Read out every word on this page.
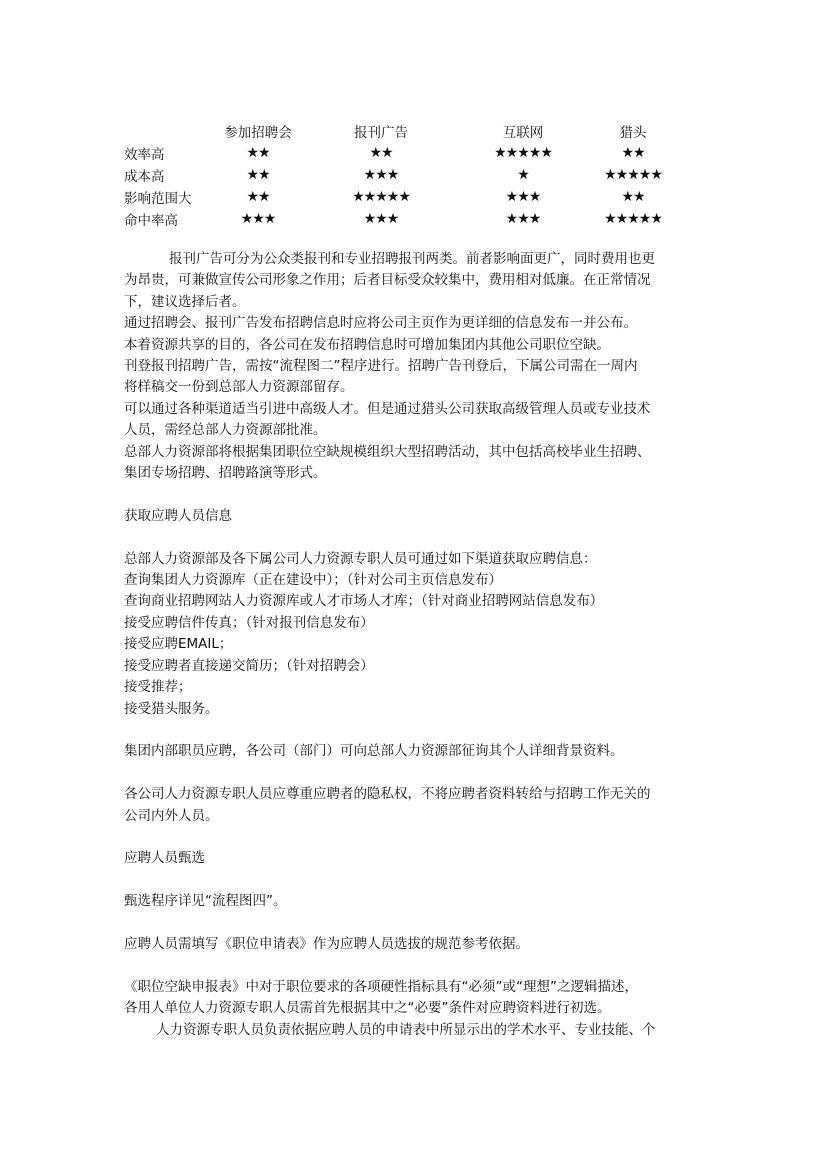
	参加招聘会	报刊广告	互联网	猎头
效率高	★★	★★	★★★★★	★★
成本高	★★	★★★	★	★★★★★
影响范围大	★★	★★★★★	★★★	★★
命中率高	★★★	★★★	★★★	★★★★★

报刊广告可分为公众类报刊和专业招聘报刊两类。前者影响面更广，同时费用也更

为昂贵，可兼做宣传公司形象之作用；后者目标受众较集中，费用相对低廉。在正常情况

下，建议选择后者。

通过招聘会、报刊广告发布招聘信息时应将公司主页作为更详细的信息发布一并公布。

本着资源共享的目的，各公司在发布招聘信息时可增加集团内其他公司职位空缺。

刊登报刊招聘广告，需按“流程图二”程序进行。招聘广告刊登后，下属公司需在一周内

将样稿交一份到总部人力资源部留存。

可以通过各种渠道适当引进中高级人才。但是通过猎头公司获取高级管理人员或专业技术

人员，需经总部人力资源部批准。

总部人力资源部将根据集团职位空缺规模组织大型招聘活动，其中包括高校毕业生招聘、

集团专场招聘、招聘路演等形式。

获取应聘人员信息

总部人力资源部及各下属公司人力资源专职人员可通过如下渠道获取应聘信息：

查询集团人力资源库（正在建设中）；（针对公司主页信息发布）

查询商业招聘网站人力资源库或人才市场人才库；（针对商业招聘网站信息发布）

接受应聘信件传真；（针对报刊信息发布）

接受应聘EMAIL；

接受应聘者直接递交简历；（针对招聘会）

接受推荐；

接受猎头服务。

集团内部职员应聘，各公司（部门）可向总部人力资源部征询其个人详细背景资料。

各公司人力资源专职人员应尊重应聘者的隐私权，不将应聘者资料转给与招聘工作无关的

公司内外人员。

应聘人员甄选

甄选程序详见“流程图四”。

应聘人员需填写《职位申请表》作为应聘人员选拔的规范参考依据。

《职位空缺申报表》中对于职位要求的各项硬性指标具有“必须”或“理想”之逻辑描述，

各用人单位人力资源专职人员需首先根据其中之“必要”条件对应聘资料进行初选。

人力资源专职人员负责依据应聘人员的申请表中所显示出的学术水平、专业技能、个
